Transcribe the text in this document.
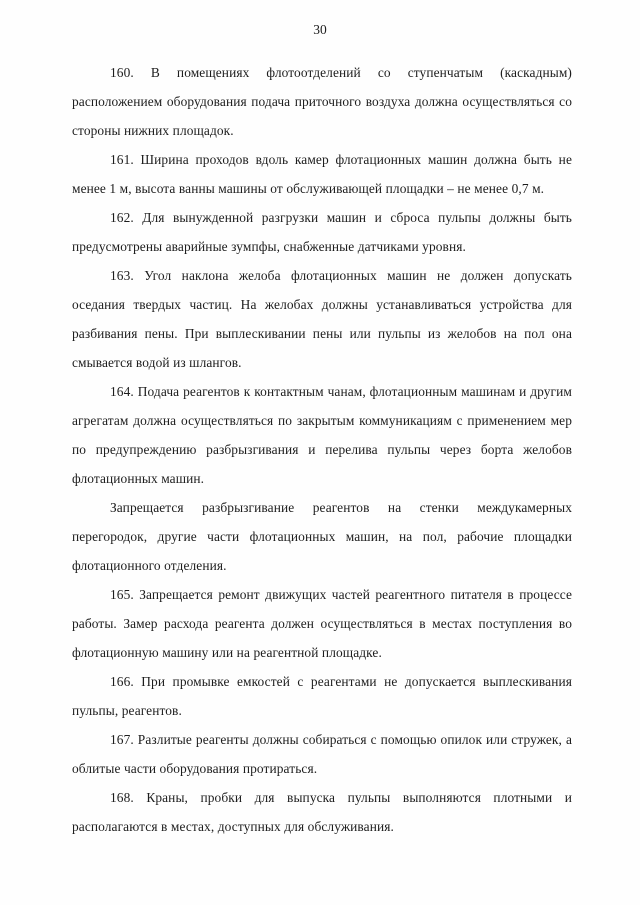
30

160. В помещениях флотоотделений со ступенчатым (каскадным) расположением оборудования подача приточного воздуха должна осуществляться со стороны нижних площадок.

161. Ширина проходов вдоль камер флотационных машин должна быть не менее 1 м, высота ванны машины от обслуживающей площадки – не менее 0,7 м.

162. Для вынужденной разгрузки машин и сброса пульпы должны быть предусмотрены аварийные зумпфы, снабженные датчиками уровня.

163. Угол наклона желоба флотационных машин не должен допускать оседания твердых частиц. На желобах должны устанавливаться устройства для разбивания пены. При выплескивании пены или пульпы из желобов на пол она смывается водой из шлангов.

164. Подача реагентов к контактным чанам, флотационным машинам и другим агрегатам должна осуществляться по закрытым коммуникациям с применением мер по предупреждению разбрызгивания и перелива пульпы через борта желобов флотационных машин.

Запрещается разбрызгивание реагентов на стенки междукамерных перегородок, другие части флотационных машин, на пол, рабочие площадки флотационного отделения.

165. Запрещается ремонт движущих частей реагентного питателя в процессе работы. Замер расхода реагента должен осуществляться в местах поступления во флотационную машину или на реагентной площадке.

166. При промывке емкостей с реагентами не допускается выплескивания пульпы, реагентов.

167. Разлитые реагенты должны собираться с помощью опилок или стружек, а облитые части оборудования протираться.

168. Краны, пробки для выпуска пульпы выполняются плотными и располагаются в местах, доступных для обслуживания.
